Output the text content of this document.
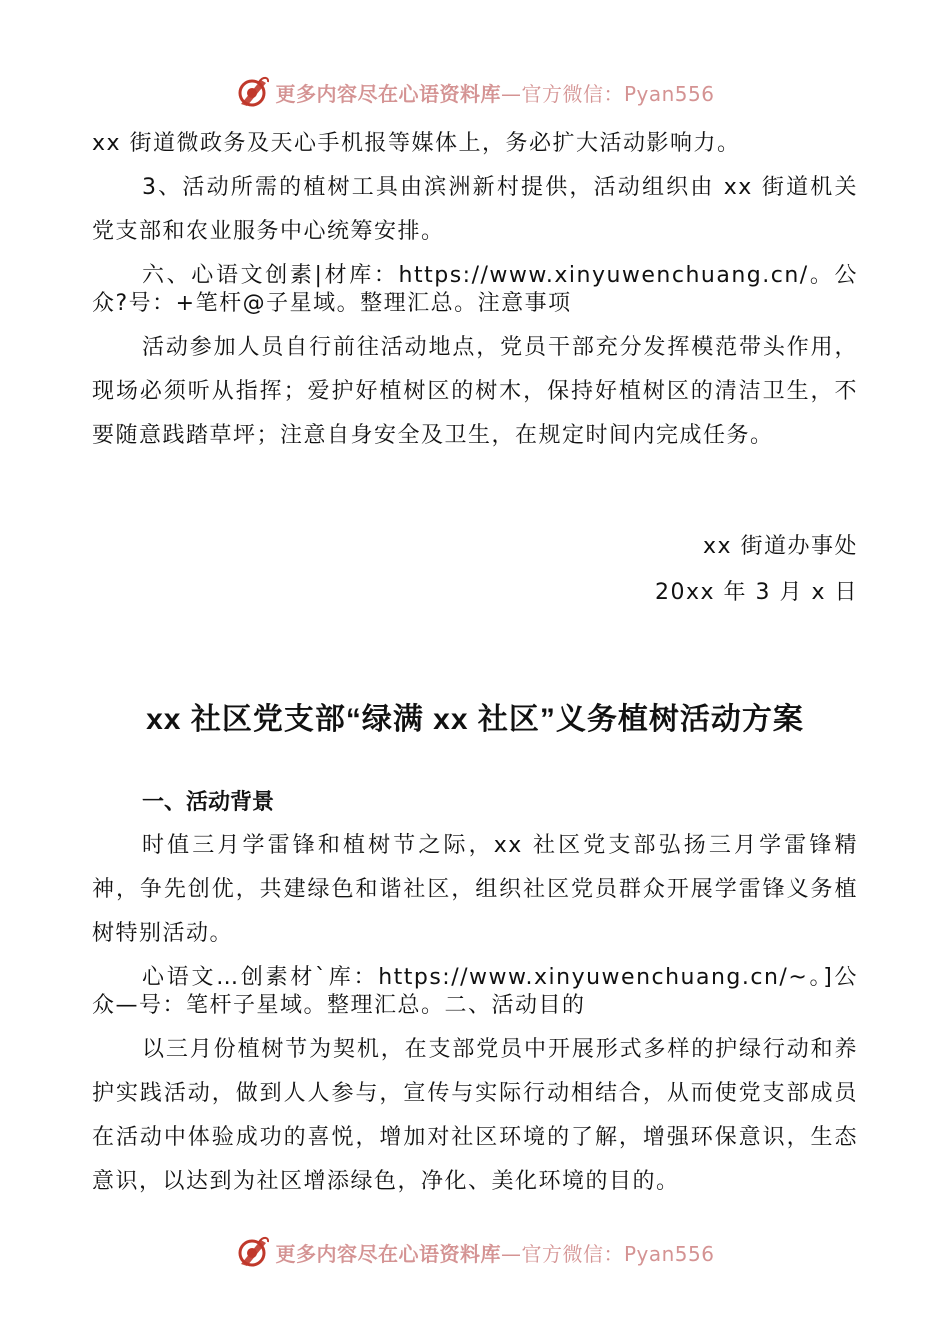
更多内容尽在心语资料库 —官方微信：Pyan556

xx 街道微政务及天心手机报等媒体上，务必扩大活动影响力。

3、活动所需的植树工具由滨洲新村提供，活动组织由 xx 街道机关党支部和农业服务中心统筹安排。

六、心语文创素|材库：https://www.xinyuwenchuang.cn/。公众?号：+笔杆@子星域。整理汇总。注意事项

活动参加人员自行前往活动地点，党员干部充分发挥模范带头作用，现场必须听从指挥；爱护好植树区的树木，保持好植树区的清洁卫生，不要随意践踏草坪；注意自身安全及卫生，在规定时间内完成任务。

xx 街道办事处

20xx 年 3 月 x 日

xx 社区党支部“绿满 xx 社区”义务植树活动方案
一、活动背景

时值三月学雷锋和植树节之际，xx 社区党支部弘扬三月学雷锋精神，争先创优，共建绿色和谐社区，组织社区党员群众开展学雷锋义务植树特别活动。

心语文…创素材`库：https://www.xinyuwenchuang.cn/~。]公众—号：笔杆子星域。整理汇总。二、活动目的

以三月份植树节为契机，在支部党员中开展形式多样的护绿行动和养护实践活动，做到人人参与，宣传与实际行动相结合，从而使党支部成员在活动中体验成功的喜悦，增加对社区环境的了解，增强环保意识，生态意识，以达到为社区增添绿色，净化、美化环境的目的。

更多内容尽在心语资料库 —官方微信：Pyan556
